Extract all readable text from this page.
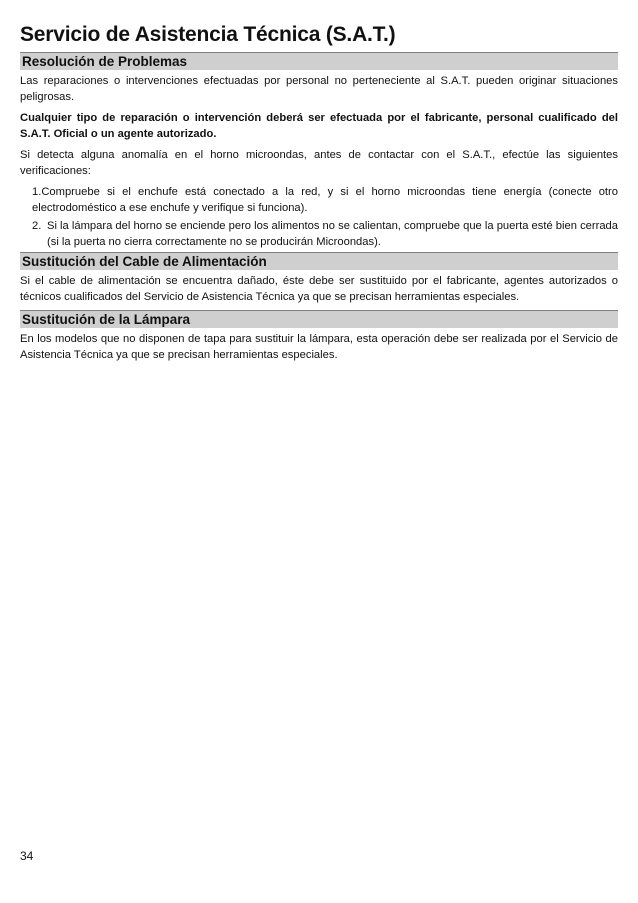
Servicio de Asistencia Técnica (S.A.T.)
Resolución de Problemas

Las reparaciones o intervenciones efectuadas por personal no perteneciente al S.A.T. pueden originar situaciones peligrosas.

Cualquier tipo de reparación o intervención deberá ser efectuada por el fabricante, personal cualificado del S.A.T. Oficial o un agente autorizado.

Si detecta alguna anomalía en el horno microondas, antes de contactar con el S.A.T., efectúe las siguientes verificaciones:

1.Compruebe si el enchufe está conectado a la red, y si el horno microondas tiene energía (conecte otro electrodoméstico a ese enchufe y verifique si funciona).
2. Si la lámpara del horno se enciende pero los alimentos no se calientan, compruebe que la puerta esté bien cerrada (si la puerta no cierra correctamente no se producirán Microondas).
Sustitución del Cable de Alimentación

Si el cable de alimentación se encuentra dañado, éste debe ser sustituido por el fabricante, agentes autorizados o técnicos cualificados del Servicio de Asistencia Técnica ya que se precisan herramientas especiales.

Sustitución de la Lámpara

En los modelos que no disponen de tapa para sustituir la lámpara, esta operación debe ser realizada por el Servicio de Asistencia Técnica ya que se precisan herramientas especiales.

34
